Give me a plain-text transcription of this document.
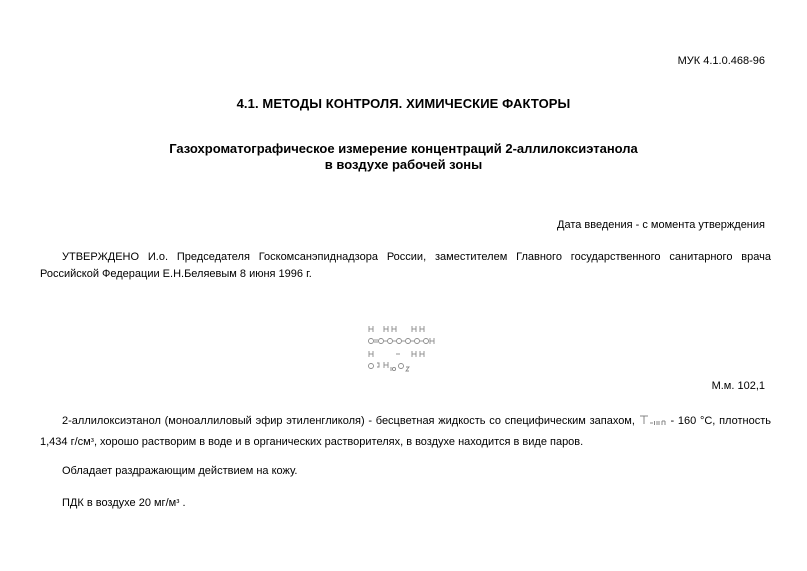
МУК 4.1.0.468-96
4.1. МЕТОДЫ КОНТРОЛЯ. ХИМИЧЕСКИЕ ФАКТОРЫ
Газохроматографическое измерение концентраций 2-аллилоксиэтанола
в воздухе рабочей зоны
Дата введения - с момента утверждения
УТВЕРЖДЕНО И.о. Председателя Госкомсанэпиднадзора России, заместителем Главного государственного санитарного врача Российской Федерации Е.Н.Беляевым 8 июня 1996 г.
М.м. 102,1
2-аллилоксиэтанол (моноаллиловый эфир этиленгликоля) - бесцветная жидкость со специфическим запахом,	- 160 °С, плотность 1,434 $г/см^з$, хорошо растворим в воде и в органических растворителях, в воздухе находится в виде паров.
Обладает раздражающим действием на кожу.
ПДК в воздухе 20 $мг/м^з$ .
